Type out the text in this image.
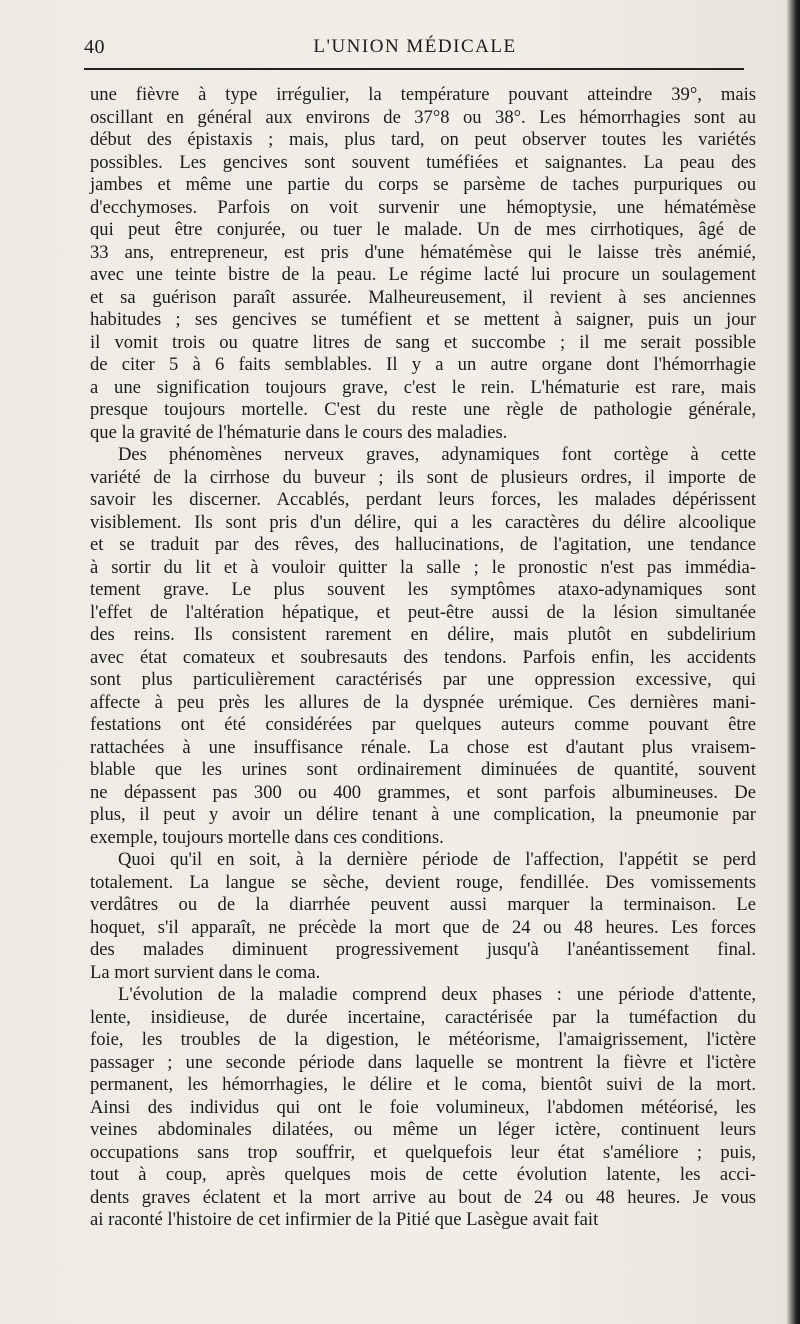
40	L'UNION MÉDICALE

une fièvre à type irrégulier, la température pouvant atteindre 39°, mais
oscillant en général aux environs de 37°8 ou 38°. Les hémorrhagies sont au
début des épistaxis ; mais, plus tard, on peut observer toutes les variétés
possibles. Les gencives sont souvent tuméfiées et saignantes. La peau des
jambes et même une partie du corps se parsème de taches purpuriques ou
d'ecchymoses. Parfois on voit survenir une hémoptysie, une hématémèse
qui peut être conjurée, ou tuer le malade. Un de mes cirrhotiques, âgé de
33 ans, entrepreneur, est pris d'une hématémèse qui le laisse très anémié,
avec une teinte bistre de la peau. Le régime lacté lui procure un soulagement
et sa guérison paraît assurée. Malheureusement, il revient à ses anciennes
habitudes ; ses gencives se tuméfient et se mettent à saigner, puis un jour
il vomit trois ou quatre litres de sang et succombe ; il me serait possible
de citer 5 à 6 faits semblables. Il y a un autre organe dont l'hémorrhagie
a une signification toujours grave, c'est le rein. L'hématurie est rare, mais
presque toujours mortelle. C'est du reste une règle de pathologie générale,
que la gravité de l'hématurie dans le cours des maladies.

Des phénomènes nerveux graves, adynamiques font cortège à cette
variété de la cirrhose du buveur ; ils sont de plusieurs ordres, il importe de
savoir les discerner. Accablés, perdant leurs forces, les malades dépérissent
visiblement. Ils sont pris d'un délire, qui a les caractères du délire alcoolique
et se traduit par des rêves, des hallucinations, de l'agitation, une tendance
à sortir du lit et à vouloir quitter la salle ; le pronostic n'est pas immédia-
tement grave. Le plus souvent les symptômes ataxo-adynamiques sont
l'effet de l'altération hépatique, et peut-être aussi de la lésion simultanée
des reins. Ils consistent rarement en délire, mais plutôt en subdelirium
avec état comateux et soubresauts des tendons. Parfois enfin, les accidents
sont plus particulièrement caractérisés par une oppression excessive, qui
affecte à peu près les allures de la dyspnée urémique. Ces dernières mani-
festations ont été considérées par quelques auteurs comme pouvant être
rattachées à une insuffisance rénale. La chose est d'autant plus vraisem-
blable que les urines sont ordinairement diminuées de quantité, souvent
ne dépassent pas 300 ou 400 grammes, et sont parfois albumineuses. De
plus, il peut y avoir un délire tenant à une complication, la pneumonie par
exemple, toujours mortelle dans ces conditions.

Quoi qu'il en soit, à la dernière période de l'affection, l'appétit se perd
totalement. La langue se sèche, devient rouge, fendillée. Des vomissements
verdâtres ou de la diarrhée peuvent aussi marquer la terminaison. Le
hoquet, s'il apparaît, ne précède la mort que de 24 ou 48 heures. Les forces
des malades diminuent progressivement jusqu'à l'anéantissement final.
La mort survient dans le coma.

L'évolution de la maladie comprend deux phases : une période d'attente,
lente, insidieuse, de durée incertaine, caractérisée par la tuméfaction du
foie, les troubles de la digestion, le météorisme, l'amaigrissement, l'ictère
passager ; une seconde période dans laquelle se montrent la fièvre et l'ictère
permanent, les hémorrhagies, le délire et le coma, bientôt suivi de la mort.
Ainsi des individus qui ont le foie volumineux, l'abdomen météorisé, les
veines abdominales dilatées, ou même un léger ictère, continuent leurs
occupations sans trop souffrir, et quelquefois leur état s'améliore ; puis,
tout à coup, après quelques mois de cette évolution latente, les acci-
dents graves éclatent et la mort arrive au bout de 24 ou 48 heures. Je vous
ai raconté l'histoire de cet infirmier de la Pitié que Lasègue avait fait
